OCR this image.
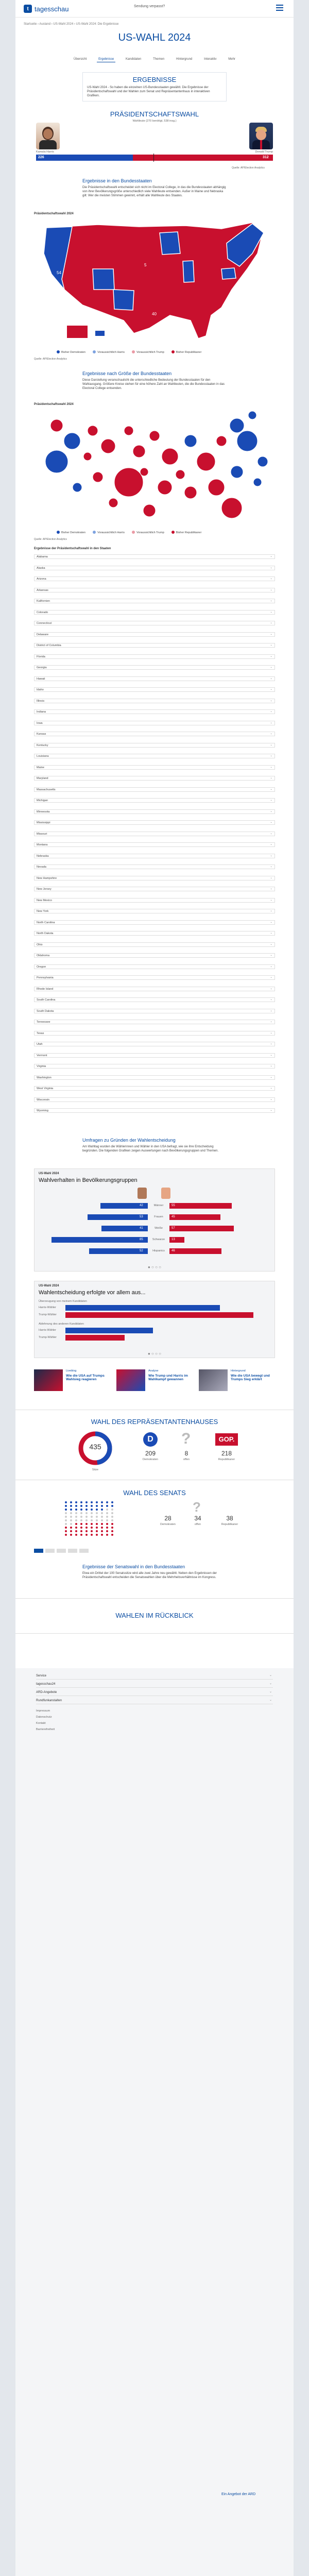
t tagesschau	Sendung verpasst?
Startseite › Ausland › US-Wahl 2024 › US-Wahl 2024: Die Ergebnisse
US-WAHL 2024
Übersicht	Ergebnisse	Kandidaten	Themen	Hintergrund	Interaktiv	Mehr
ERGEBNISSE
US-Wahl 2024 - So haben die einzelnen US-Bundesstaaten gewählt. Die Ergebnisse der Präsidentschaftswahl und der Wahlen zum Senat und Repräsentantenhaus in interaktiven Grafiken.
PRÄSIDENTSCHAFTSWAHL
Wahlleute (270 benötigt, 538 insg.)
Kamala Harris	Donald Trump
226	312
Quelle: AP/Election Analytics
Ergebnisse in den Bundesstaaten
Die Präsidentschaftswahl entscheidet sich nicht im Electoral College, in das die Bundesstaaten abhängig von ihrer Bevölkerungsgröße unterschiedlich viele Wahlleute entsenden. Außer in Maine und Nebraska gilt: Wer die meisten Stimmen gewinnt, erhält alle Wahlleute des Staates.
Präsidentschaftswahl 2024
5
40
54
Bisher Demokraten	Voraussichtlich Harris	Voraussichtlich Trump	Bisher Republikaner
Quelle: AP/Election Analytics
Ergebnisse nach Größe der Bundesstaaten
Diese Darstellung veranschaulicht die unterschiedliche Bedeutung der Bundesstaaten für den Wahlausgang. Größere Kreise stehen für eine höhere Zahl an Wahlleuten, die die Bundesstaaten in das Electoral College entsenden.
Präsidentschaftswahl 2024
Bisher Demokraten	Voraussichtlich Harris	Voraussichtlich Trump	Bisher Republikaner
Quelle: AP/Election Analytics
Ergebnisse der Präsidentschaftswahl in den Staaten
Alabama ⌄
Alaska ⌄
Arizona ⌄
Arkansas ⌄
Kalifornien ⌄
Colorado ⌄
Connecticut ⌄
Delaware ⌄
District of Columbia ⌄
Florida ⌄
Georgia ⌄
Hawaii ⌄
Idaho ⌄
Illinois ⌄
Indiana ⌄
Iowa ⌄
Kansas ⌄
Kentucky ⌄
Louisiana ⌄
Maine ⌄
Maryland ⌄
Massachusetts ⌄
Michigan ⌄
Minnesota ⌄
Mississippi ⌄
Missouri ⌄
Montana ⌄
Nebraska ⌄
Nevada ⌄
New Hampshire ⌄
New Jersey ⌄
New Mexico ⌄
New York ⌄
North Carolina ⌄
North Dakota ⌄
Ohio ⌄
Oklahoma ⌄
Oregon ⌄
Pennsylvania ⌄
Rhode Island ⌄
South Carolina ⌄
South Dakota ⌄
Tennessee ⌄
Texas ⌄
Utah ⌄
Vermont ⌄
Virginia ⌄
Washington ⌄
West Virginia ⌄
Wisconsin ⌄
Wyoming ⌄
Umfragen zu Gründen der Wahlentscheidung
Am Wahltag wurden die Wählerinnen und Wähler in den USA befragt, wie sie ihre Entscheidung begründen. Die folgenden Grafiken zeigen Auswertungen nach Bevölkerungsgruppen und Themen.
US-Wahl 2024
Wahlverhalten in Bevölkerungsgruppen
● ○ ○ ○
Männer
42	55
Frauen
53	45
Weiße
41	57
Schwarze
85	13
Hispanics
52	46
US-Wahl 2024
Wahlentscheidung erfolgte vor allem aus...
Überzeugung von meinem Kandidaten
Ablehnung des anderen Kandidaten
● ○ ○ ○
Harris-Wähler
Trump-Wähler
Harris-Wähler
Trump-Wähler
Liveblog
Wie die USA auf Trumps Wahlsieg reagieren
Analyse
Wie Trump und Harris im Wahlkampf gewannen
Hintergrund
Wie die USA bewegt und Trumps Sieg erklärt
WAHL DES REPRÄSENTANTENHAUSES
435
Sitze
D
209
Demokraten
?
8
offen
GOP.
218
Republikaner
WAHL DES SENATS
28
Demokraten
?
34
offen
38
Republikaner
Ergebnisse der Senatswahl in den Bundesstaaten
Etwa ein Drittel der 100 Senatssitze wird alle zwei Jahre neu gewählt. Neben den Ergebnissen der Präsidentschaftswahl entscheiden die Senatswahlen über die Mehrheitsverhältnisse im Kongress.
WAHLEN IM RÜCKBLICK
Service ⌄
tagesschau24 ⌄
ARD-Angebote ⌄
Rundfunkanstalten ⌄
Impressum
Datenschutz
Kontakt
Barrierefreiheit
Ein Angebot der ARD
